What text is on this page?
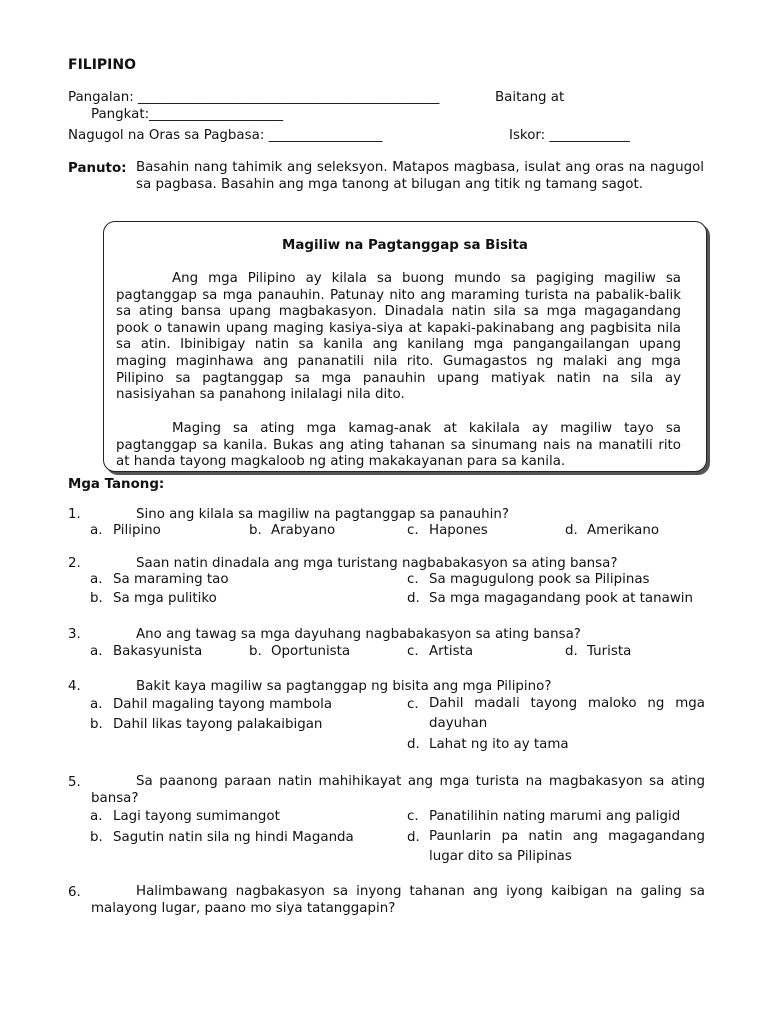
FILIPINO
Pangalan: _____________________________________________	Baitang at
Pangkat:____________________
Nagugol na Oras sa Pagbasa: _________________	Iskor: ____________
Panuto: Basahin nang tahimik ang seleksyon. Matapos magbasa, isulat ang oras na nagugol sa pagbasa. Basahin ang mga tanong at bilugan ang titik ng tamang sagot.
Magiliw na Pagtanggap sa Bisita
Ang mga Pilipino ay kilala sa buong mundo sa pagiging magiliw sa pagtanggap sa mga panauhin. Patunay nito ang maraming turista na pabalik-balik sa ating bansa upang magbakasyon. Dinadala natin sila sa mga magagandang pook o tanawin upang maging kasiya-siya at kapaki-pakinabang ang pagbisita nila sa atin. Ibinibigay natin sa kanila ang kanilang mga pangangailangan upang maging maginhawa ang pananatili nila rito. Gumagastos ng malaki ang mga Pilipino sa pagtanggap sa mga panauhin upang matiyak natin na sila ay nasisiyahan sa panahong inilalagi nila dito.
Maging sa ating mga kamag-anak at kakilala ay magiliw tayo sa pagtanggap sa kanila. Bukas ang ating tahanan sa sinumang nais na manatili rito at handa tayong magkaloob ng ating makakayanan para sa kanila.
Mga Tanong:
1.	Sino ang kilala sa magiliw na pagtanggap sa panauhin?
a. Pilipino	b. Arabyano	c. Hapones	d. Amerikano
2.	Saan natin dinadala ang mga turistang nagbabakasyon sa ating bansa?
a. Sa maraming tao
b. Sa mga pulitiko
c. Sa magugulong pook sa Pilipinas
d. Sa mga magagandang pook at tanawin
3.	Ano ang tawag sa mga dayuhang nagbabakasyon sa ating bansa?
a. Bakasyunista	b. Oportunista	c. Artista	d. Turista
4.	Bakit kaya magiliw sa pagtanggap ng bisita ang mga Pilipino?
a. Dahil magaling tayong mambola
b. Dahil likas tayong palakaibigan
c. Dahil madali tayong maloko ng mga dayuhan
d. Lahat ng ito ay tama
5.	Sa paanong paraan natin mahihikayat ang mga turista na magbakasyon sa ating bansa?
a. Lagi tayong sumimangot
b. Sagutin natin sila ng hindi Maganda
c. Panatilihin nating marumi ang paligid
d. Paunlarin pa natin ang magagandang lugar dito sa Pilipinas
6.	Halimbawang nagbakasyon sa inyong tahanan ang iyong kaibigan na galing sa malayong lugar, paano mo siya tatanggapin?
